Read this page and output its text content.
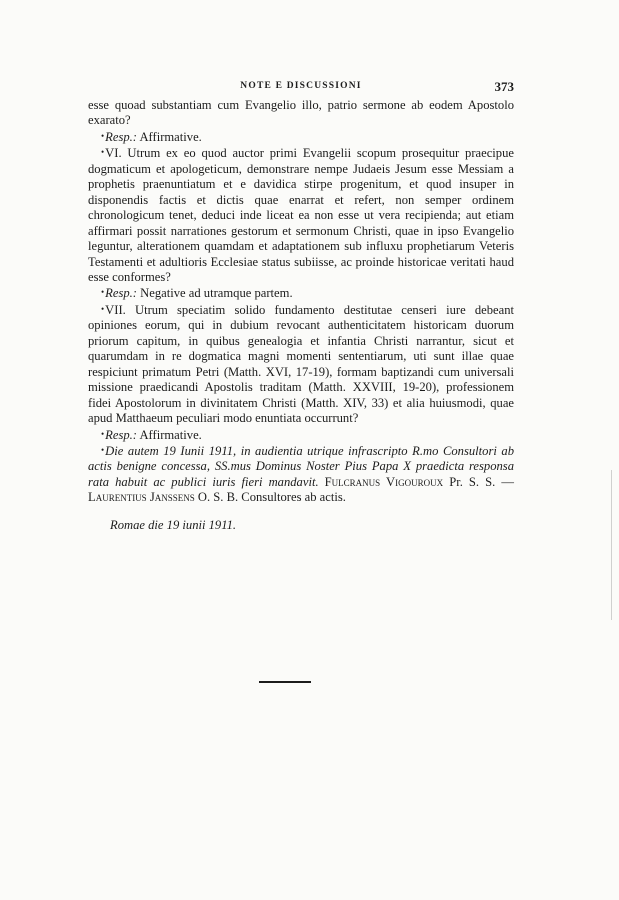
NOTE E DISCUSSIONI	373

esse quoad substantiam cum Evangelio illo, patrio sermone ab eodem Apostolo exarato?

•Resp.: Affirmative.

•VI. Utrum ex eo quod auctor primi Evangelii scopum prosequitur praecipue dogmaticum et apologeticum, demonstrare nempe Judaeis Jesum esse Messiam a prophetis praenuntiatum et e davidica stirpe progenitum, et quod insuper in disponendis factis et dictis quae enarrat et refert, non semper ordinem chronologicum tenet, deduci inde liceat ea non esse ut vera recipienda; aut etiam affirmari possit narrationes gestorum et sermonum Christi, quae in ipso Evangelio leguntur, alterationem quamdam et adaptationem sub influxu prophetiarum Veteris Testamenti et adultioris Ecclesiae status subiisse, ac proinde historicae veritati haud esse conformes?

•Resp.: Negative ad utramque partem.

•VII. Utrum speciatim solido fundamento destitutae censeri iure debeant opiniones eorum, qui in dubium revocant authenticitatem historicam duorum priorum capitum, in quibus genealogia et infantia Christi narrantur, sicut et quarumdam in re dogmatica magni momenti sententiarum, uti sunt illae quae respiciunt primatum Petri (Matth. XVI, 17-19), formam baptizandi cum universali missione praedicandi Apostolis traditam (Matth. XXVIII, 19-20), professionem fidei Apostolorum in divinitatem Christi (Matth. XIV, 33) et alia huiusmodi, quae apud Matthaeum peculiari modo enuntiata occurrunt?

•Resp.: Affirmative.

•Die autem 19 Iunii 1911, in audientia utrique infrascripto R.mo Consultori ab actis benigne concessa, SS.mus Dominus Noster Pius Papa X praedicta responsa rata habuit ac publici iuris fieri mandavit. Fulcranus Vigouroux Pr. S. S. — Laurentius Janssens O. S. B. Consultores ab actis.

Romae die 19 iunii 1911.
